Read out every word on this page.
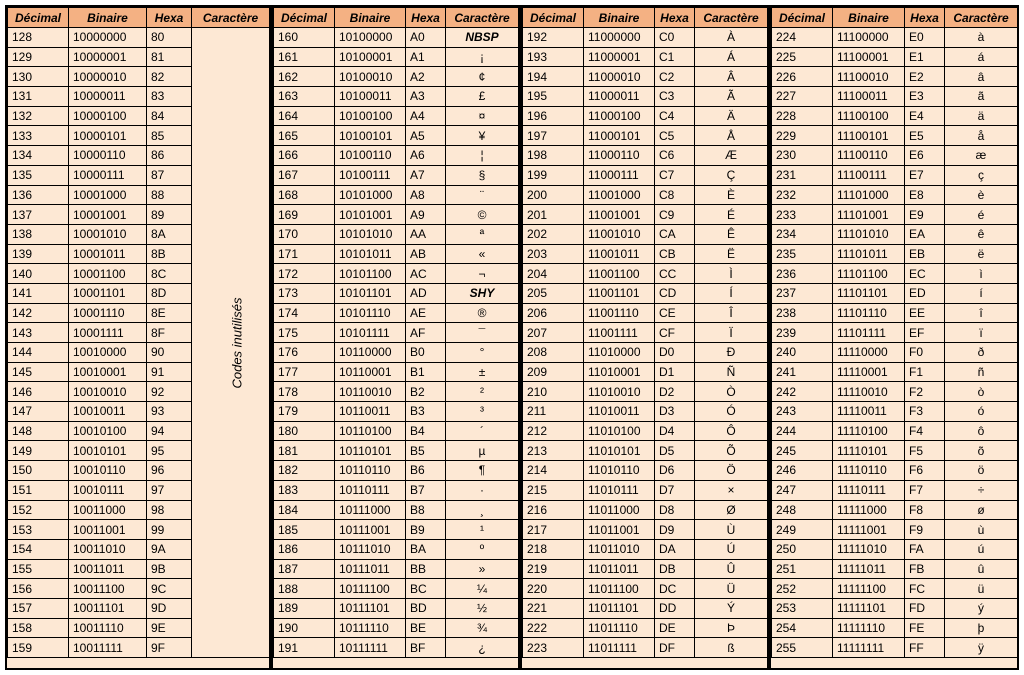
Décimal	Binaire	Hexa	Caractère
128	10000000	80	Codes inutilisés
129	10000001	81	
130	10000010	82	
131	10000011	83	
132	10000100	84	
133	10000101	85	
134	10000110	86	
135	10000111	87	
136	10001000	88	
137	10001001	89	
138	10001010	8A	
139	10001011	8B	
140	10001100	8C	
141	10001101	8D	
142	10001110	8E	
143	10001111	8F	
144	10010000	90	
145	10010001	91	
146	10010010	92	
147	10010011	93	
148	10010100	94	
149	10010101	95	
150	10010110	96	
151	10010111	97	
152	10011000	98	
153	10011001	99	
154	10011010	9A	
155	10011011	9B	
156	10011100	9C	
157	10011101	9D	
158	10011110	9E	
159	10011111	9F	
Décimal	Binaire	Hexa	Caractère
160	10100000	A0	NBSP
161	10100001	A1	¡
162	10100010	A2	¢
163	10100011	A3	£
164	10100100	A4	¤
165	10100101	A5	¥
166	10100110	A6	¦
167	10100111	A7	§
168	10101000	A8	¨
169	10101001	A9	©
170	10101010	AA	ª
171	10101011	AB	«
172	10101100	AC	¬
173	10101101	AD	SHY
174	10101110	AE	®
175	10101111	AF	¯
176	10110000	B0	°
177	10110001	B1	±
178	10110010	B2	²
179	10110011	B3	³
180	10110100	B4	´
181	10110101	B5	µ
182	10110110	B6	¶
183	10110111	B7	·
184	10111000	B8	¸
185	10111001	B9	¹
186	10111010	BA	º
187	10111011	BB	»
188	10111100	BC	¼
189	10111101	BD	½
190	10111110	BE	¾
191	10111111	BF	¿
Décimal	Binaire	Hexa	Caractère
192	11000000	C0	À
193	11000001	C1	Á
194	11000010	C2	Â
195	11000011	C3	Ã
196	11000100	C4	Ä
197	11000101	C5	Å
198	11000110	C6	Æ
199	11000111	C7	Ç
200	11001000	C8	È
201	11001001	C9	É
202	11001010	CA	Ê
203	11001011	CB	Ë
204	11001100	CC	Ì
205	11001101	CD	Í
206	11001110	CE	Î
207	11001111	CF	Ï
208	11010000	D0	Ð
209	11010001	D1	Ñ
210	11010010	D2	Ò
211	11010011	D3	Ó
212	11010100	D4	Ô
213	11010101	D5	Õ
214	11010110	D6	Ö
215	11010111	D7	×
216	11011000	D8	Ø
217	11011001	D9	Ù
218	11011010	DA	Ú
219	11011011	DB	Û
220	11011100	DC	Ü
221	11011101	DD	Ý
222	11011110	DE	Þ
223	11011111	DF	ß
Décimal	Binaire	Hexa	Caractère
224	11100000	E0	à
225	11100001	E1	á
226	11100010	E2	â
227	11100011	E3	ã
228	11100100	E4	ä
229	11100101	E5	å
230	11100110	E6	æ
231	11100111	E7	ç
232	11101000	E8	è
233	11101001	E9	é
234	11101010	EA	ê
235	11101011	EB	ë
236	11101100	EC	ì
237	11101101	ED	í
238	11101110	EE	î
239	11101111	EF	ï
240	11110000	F0	ð
241	11110001	F1	ñ
242	11110010	F2	ò
243	11110011	F3	ó
244	11110100	F4	ô
245	11110101	F5	õ
246	11110110	F6	ö
247	11110111	F7	÷
248	11111000	F8	ø
249	11111001	F9	ù
250	11111010	FA	ú
251	11111011	FB	û
252	11111100	FC	ü
253	11111101	FD	ý
254	11111110	FE	þ
255	11111111	FF	ÿ
